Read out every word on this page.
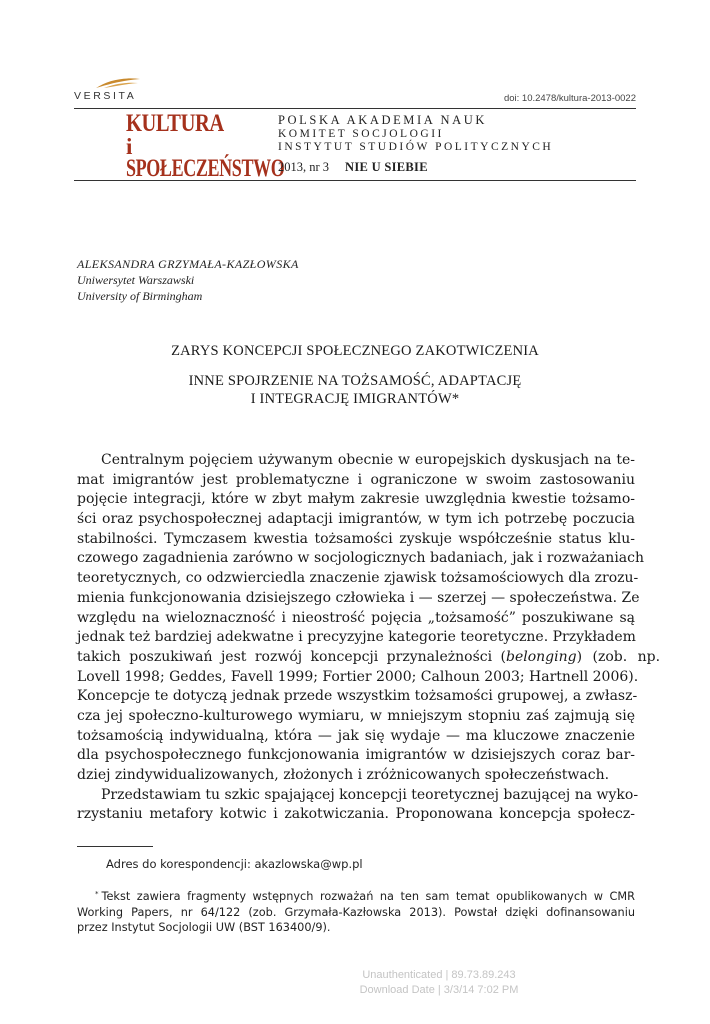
VERSITA	doi: 10.2478/kultura-2013-0022
KULTURA
i
SPOŁECZEŃSTWO
POLSKA AKADEMIA NAUK
KOMITET SOCJOLOGII
INSTYTUT STUDIÓW POLITYCZNYCH
2013, nr 3 NIE U SIEBIE
ALEKSANDRA GRZYMAŁA-KAZŁOWSKA
Uniwersytet Warszawski
University of Birmingham
ZARYS KONCEPCJI SPOŁECZNEGO ZAKOTWICZENIA
INNE SPOJRZENIE NA TOŻSAMOŚĆ, ADAPTACJĘ
I INTEGRACJĘ IMIGRANTÓW*
Centralnym pojęciem używanym obecnie w europejskich dyskusjach na te-
mat imigrantów jest problematyczne i ograniczone w swoim zastosowaniu
pojęcie integracji, które w zbyt małym zakresie uwzględnia kwestie tożsamo-
ści oraz psychospołecznej adaptacji imigrantów, w tym ich potrzebę poczucia
stabilności. Tymczasem kwestia tożsamości zyskuje współcześnie status klu-
czowego zagadnienia zarówno w socjologicznych badaniach, jak i rozważaniach
teoretycznych, co odzwierciedla znaczenie zjawisk tożsamościowych dla zrozu-
mienia funkcjonowania dzisiejszego człowieka i — szerzej — społeczeństwa. Ze
względu na wieloznaczność i nieostrość pojęcia „tożsamość” poszukiwane są
jednak też bardziej adekwatne i precyzyjne kategorie teoretyczne. Przykładem
takich poszukiwań jest rozwój koncepcji przynależności ( belonging) (zob. np.
Lovell 1998; Geddes, Favell 1999; Fortier 2000; Calhoun 2003; Hartnell 2006).
Koncepcje te dotyczą jednak przede wszystkim tożsamości grupowej, a zwłasz-
cza jej społeczno-kulturowego wymiaru, w mniejszym stopniu zaś zajmują się
tożsamością indywidualną, która — jak się wydaje — ma kluczowe znaczenie
dla psychospołecznego funkcjonowania imigrantów w dzisiejszych coraz bar-
dziej zindywidualizowanych, złożonych i zróżnicowanych społeczeństwach.
Przedstawiam tu szkic spajającej koncepcji teoretycznej bazującej na wyko-
rzystaniu metafory kotwic i zakotwiczania. Proponowana koncepcja społecz-
Adres do korespondencji: akazlowska@wp.pl
* Tekst zawiera fragmenty wstępnych rozważań na ten sam temat opublikowanych w CMR
Working Papers, nr 64/122 (zob. Grzymała-Kazłowska 2013). Powstał dzięki dofinansowaniu
przez Instytut Socjologii UW (BST 163400/9).
Unauthenticated | 89.73.89.243
Download Date | 3/3/14 7:02 PM
